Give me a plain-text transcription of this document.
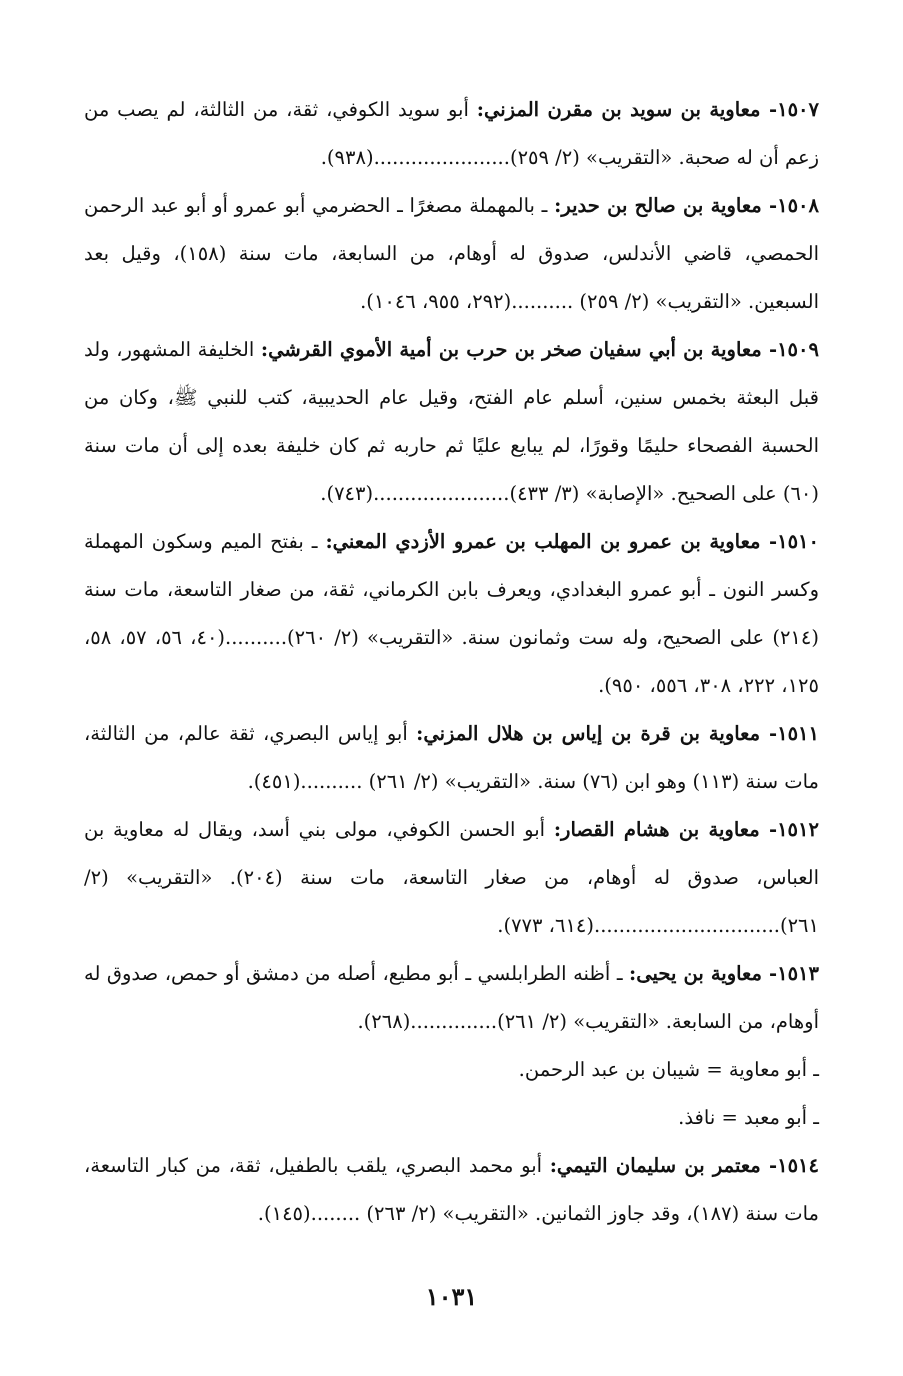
١٥٠٧- معاوية بن سويد بن مقرن المزني: أبو سويد الكوفي، ثقة، من الثالثة، لم يصب من زعم أن له صحبة. «التقريب» (٢/ ٢٥٩)......................(٩٣٨).

١٥٠٨- معاوية بن صالح بن حدير: ـ بالمهملة مصغرًا ـ الحضرمي أبو عمرو أو أبو عبد الرحمن الحمصي، قاضي الأندلس، صدوق له أوهام، من السابعة، مات سنة (١٥٨)، وقيل بعد السبعين. «التقريب» (٢/ ٢٥٩) ..........(٢٩٢، ٩٥٥، ١٠٤٦).

١٥٠٩- معاوية بن أبي سفيان صخر بن حرب بن أمية الأموي القرشي: الخليفة المشهور، ولد قبل البعثة بخمس سنين، أسلم عام الفتح، وقيل عام الحديبية، كتب للنبي ﷺ، وكان من الحسبة الفصحاء حليمًا وقورًا، لم يبايع عليًا ثم حاربه ثم كان خليفة بعده إلى أن مات سنة (٦٠) على الصحيح. «الإصابة» (٣/ ٤٣٣)......................(٧٤٣).

١٥١٠- معاوية بن عمرو بن المهلب بن عمرو الأزدي المعني: ـ بفتح الميم وسكون المهملة وكسر النون ـ أبو عمرو البغدادي، ويعرف بابن الكرماني، ثقة، من صغار التاسعة، مات سنة (٢١٤) على الصحيح، وله ست وثمانون سنة. «التقريب» (٢/ ٢٦٠)..........(٤٠، ٥٦، ٥٧، ٥٨، ١٢٥، ٢٢٢، ٣٠٨، ٥٥٦، ٩٥٠).

١٥١١- معاوية بن قرة بن إياس بن هلال المزني: أبو إياس البصري، ثقة عالم، من الثالثة، مات سنة (١١٣) وهو ابن (٧٦) سنة. «التقريب» (٢/ ٢٦١) ..........(٤٥١).

١٥١٢- معاوية بن هشام القصار: أبو الحسن الكوفي، مولى بني أسد، ويقال له معاوية بن العباس، صدوق له أوهام، من صغار التاسعة، مات سنة (٢٠٤). «التقريب» (٢/ ٢٦١)..............................(٦١٤، ٧٧٣).

١٥١٣- معاوية بن يحيى: ـ أظنه الطرابلسي ـ أبو مطيع، أصله من دمشق أو حمص، صدوق له أوهام، من السابعة. «التقريب» (٢/ ٢٦١)..............(٢٦٨).

ـ أبو معاوية = شيبان بن عبد الرحمن.

ـ أبو معبد = نافذ.

١٥١٤- معتمر بن سليمان التيمي: أبو محمد البصري، يلقب بالطفيل، ثقة، من كبار التاسعة، مات سنة (١٨٧)، وقد جاوز الثمانين. «التقريب» (٢/ ٢٦٣) ........(١٤٥).

١٠٣١
